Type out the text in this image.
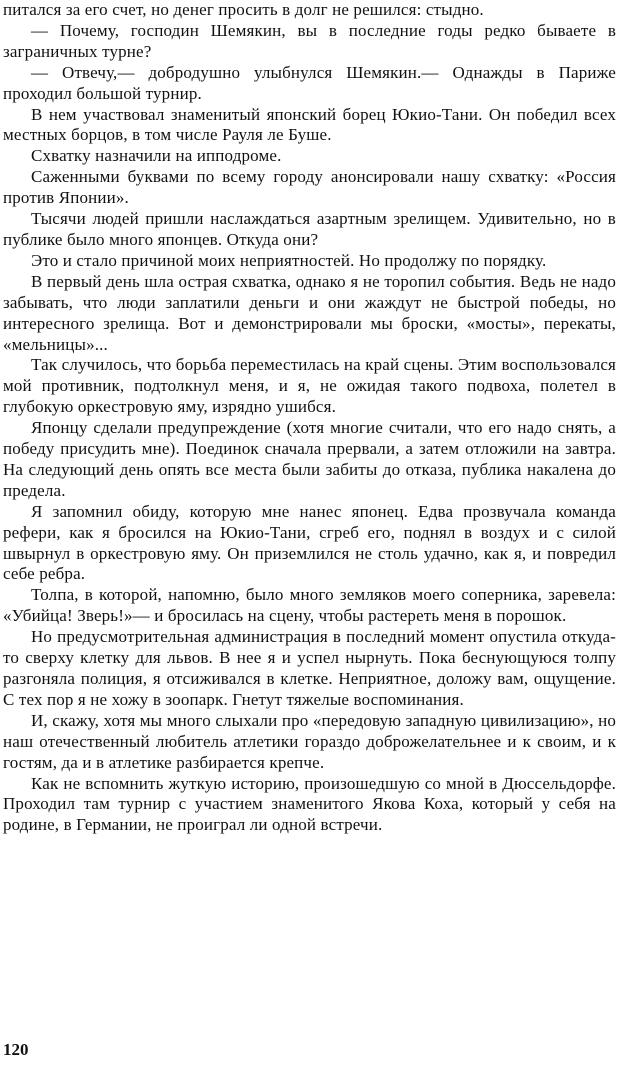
питался за его счет, но денег просить в долг не решился: стыдно.

— Почему, господин Шемякин, вы в последние годы редко бываете в заграничных турне?

— Отвечу,— добродушно улыбнулся Шемякин.— Однажды в Париже проходил большой турнир.

В нем участвовал знаменитый японский борец Юкио-Тани. Он победил всех местных борцов, в том числе Рауля ле Буше.

Схватку назначили на ипподроме.

Саженными буквами по всему городу анонсировали нашу схватку: «Россия против Японии».

Тысячи людей пришли наслаждаться азартным зрелищем. Удивительно, но в публике было много японцев. Откуда они?

Это и стало причиной моих неприятностей. Но продолжу по порядку.

В первый день шла острая схватка, однако я не торопил события. Ведь не надо забывать, что люди заплатили деньги и они жаждут не быстрой победы, но интересного зрелища. Вот и демонстрировали мы броски, «мосты», перекаты, «мельницы»...

Так случилось, что борьба переместилась на край сцены. Этим воспользовался мой противник, подтолкнул меня, и я, не ожидая такого подвоха, полетел в глубокую оркестровую яму, изрядно ушибся.

Японцу сделали предупреждение (хотя многие считали, что его надо снять, а победу присудить мне). Поединок сначала прервали, а затем отложили на завтра. На следующий день опять все места были забиты до отказа, публика накалена до предела.

Я запомнил обиду, которую мне нанес японец. Едва прозвучала команда рефери, как я бросился на Юкио-Тани, сгреб его, поднял в воздух и с силой швырнул в оркестровую яму. Он приземлился не столь удачно, как я, и повредил себе ребра.

Толпа, в которой, напомню, было много земляков моего соперника, заревела: «Убийца! Зверь!»— и бросилась на сцену, чтобы растереть меня в порошок.

Но предусмотрительная администрация в последний момент опустила откуда-то сверху клетку для львов. В нее я и успел нырнуть. Пока беснующуюся толпу разгоняла полиция, я отсиживался в клетке. Неприятное, доложу вам, ощущение. С тех пор я не хожу в зоопарк. Гнетут тяжелые воспоминания.

И, скажу, хотя мы много слыхали про «передовую западную цивилизацию», но наш отечественный любитель атлетики гораздо доброжелательнее и к своим, и к гостям, да и в атлетике разбирается крепче.

Как не вспомнить жуткую историю, произошедшую со мной в Дюссельдорфе. Проходил там турнир с участием знаменитого Якова Коха, который у себя на родине, в Германии, не проиграл ли одной встречи.

120
